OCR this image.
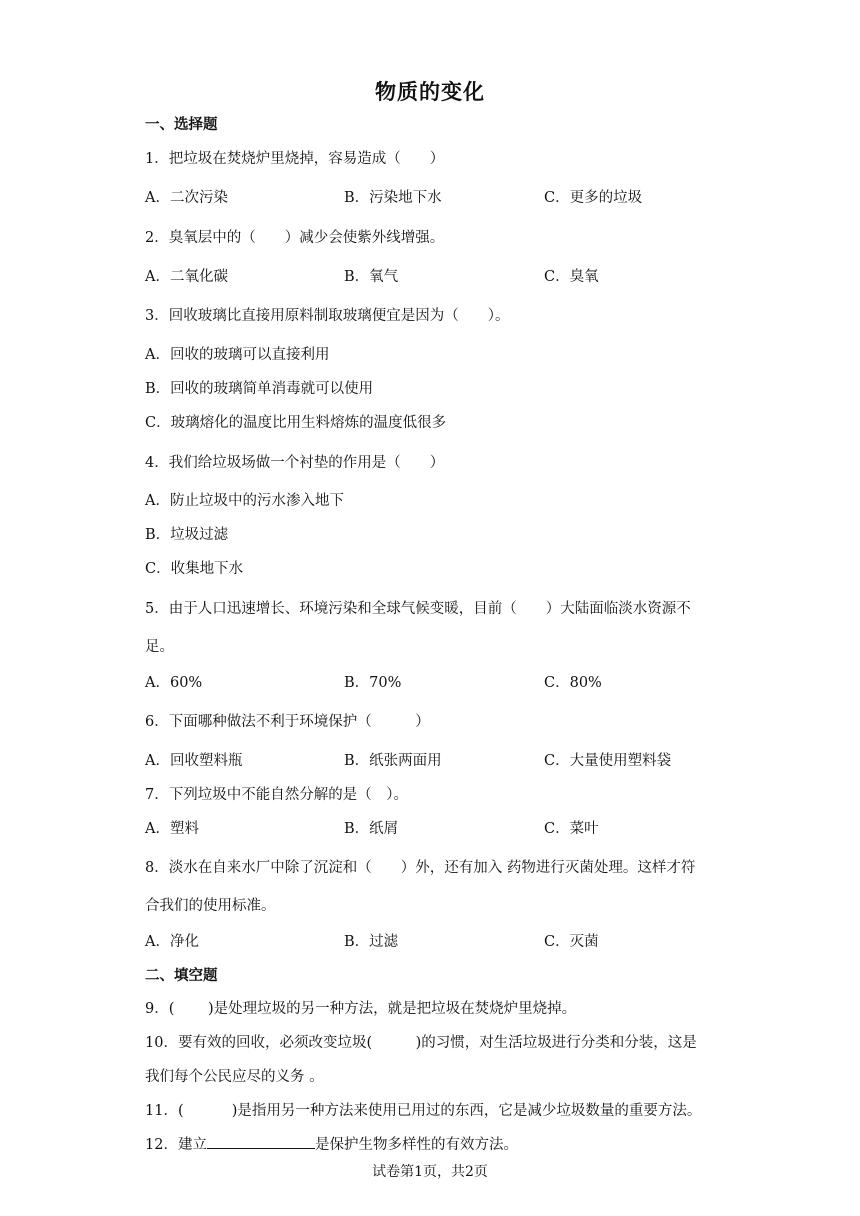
物质的变化
一、选择题
1．把垃圾在焚烧炉里烧掉，容易造成（　　）
A．二次污染	B．污染地下水	C．更多的垃圾
2．臭氧层中的（　　）减少会使紫外线增强。
A．二氧化碳	B．氧气	C．臭氧
3．回收玻璃比直接用原料制取玻璃便宜是因为（　　）。
A．回收的玻璃可以直接利用
B．回收的玻璃简单消毒就可以使用
C．玻璃熔化的温度比用生料熔炼的温度低很多
4．我们给垃圾场做一个衬垫的作用是（　　）
A．防止垃圾中的污水渗入地下
B．垃圾过滤
C．收集地下水
5．由于人口迅速增长、环境污染和全球气候变暖，目前（　　）大陆面临淡水资源不
足。
A．60%	B．70%	C．80%
6．下面哪种做法不利于环境保护（　　　）
A．回收塑料瓶	B．纸张两面用	C．大量使用塑料袋
7．下列垃圾中不能自然分解的是（　）。
A．塑料	B．纸屑	C．菜叶
8．淡水在自来水厂中除了沉淀和（　　）外，还有加入 药物进行灭菌处理。这样才符
合我们的使用标准。
A．净化	B．过滤	C．灭菌
二、填空题
9．(　　 )是处理垃圾的另一种方法，就是把垃圾在焚烧炉里烧掉。
10．要有效的回收，必须改变垃圾(　　　)的习惯，对生活垃圾进行分类和分装，这是
我们每个公民应尽的义务 。
11．(　　　 )是指用另一种方法来使用已用过的东西，它是减少垃圾数量的重要方法。
12．建立	是保护生物多样性的有效方法。
试卷第1页，共2页
